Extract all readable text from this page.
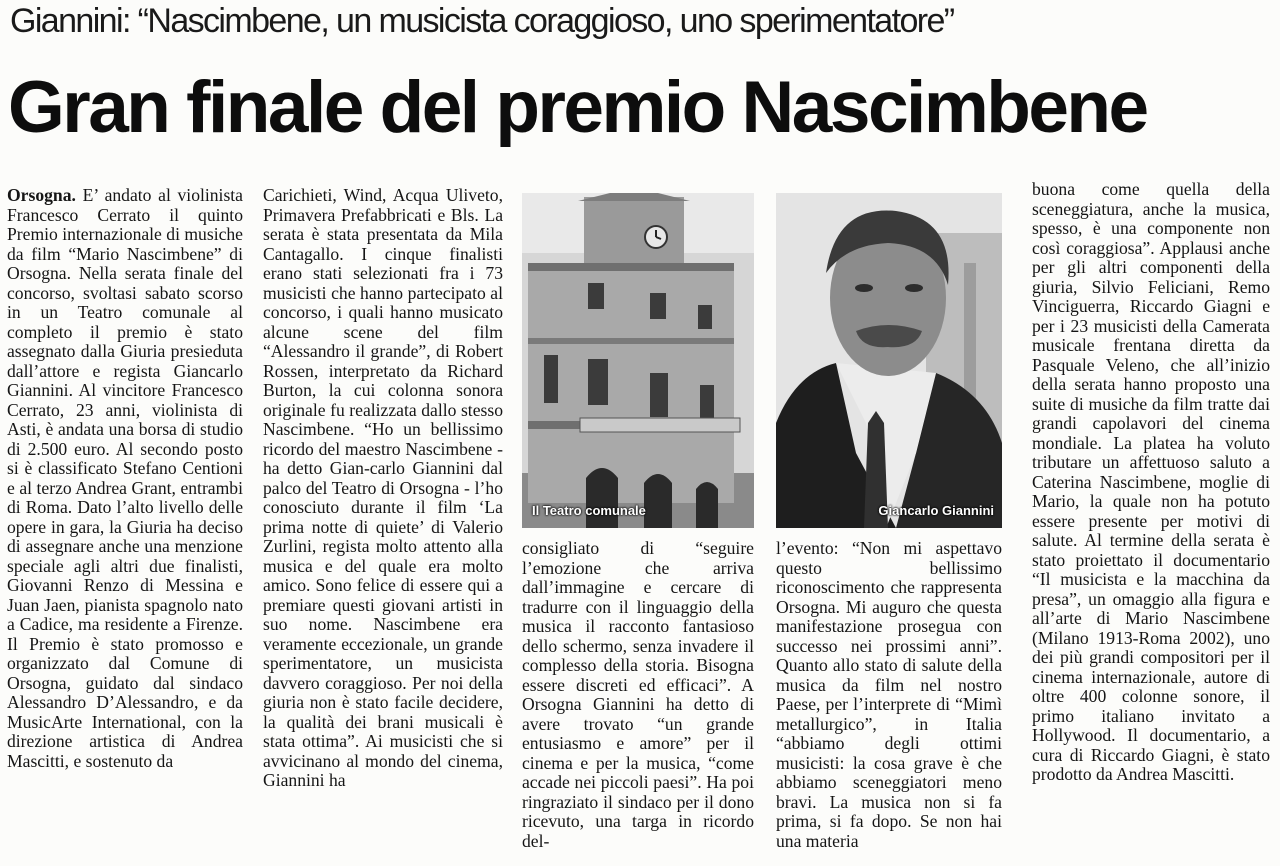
Giannini: “Nascimbene, un musicista coraggioso, uno sperimentatore”
Gran finale del premio Nascimbene

Orsogna. E’ andato al violinista Francesco Cerrato il quinto Premio internazionale di musiche da film “Mario Nascimbene” di Orsogna. Nella serata finale del concorso, svoltasi sabato scorso in un Teatro comunale al completo il premio è stato assegnato dalla Giuria presieduta dall’attore e regista Giancarlo Giannini. Al vincitore Francesco Cerrato, 23 anni, violinista di Asti, è andata una borsa di studio di 2.500 euro. Al secondo posto si è classificato Stefano Centioni e al terzo Andrea Grant, entrambi di Roma. Dato l’alto livello delle opere in gara, la Giuria ha deciso di assegnare anche una menzione speciale agli altri due finalisti, Giovanni Renzo di Messina e Juan Jaen, pianista spagnolo nato a Cadice, ma residente a Firenze. Il Premio è stato promosso e organizzato dal Comune di Orsogna, guidato dal sindaco Alessandro D’Alessandro, e da MusicArte International, con la direzione artistica di Andrea Mascitti, e sostenuto da

Carichieti, Wind, Acqua Uliveto, Primavera Prefabbricati e Bls. La serata è stata presentata da Mila Cantagallo. I cinque finalisti erano stati selezionati fra i 73 musicisti che hanno partecipato al concorso, i quali hanno musicato alcune scene del film “Alessandro il grande”, di Robert Rossen, interpretato da Richard Burton, la cui colonna sonora originale fu realizzata dallo stesso Nascimbene. “Ho un bellissimo ricordo del maestro Nascimbene - ha detto Gian-carlo Giannini dal palco del Teatro di Orsogna - l’ho conosciuto durante il film ‘La prima notte di quiete’ di Valerio Zurlini, regista molto attento alla musica e del quale era molto amico. Sono felice di essere qui a premiare questi giovani artisti in suo nome. Nascimbene era veramente eccezionale, un grande sperimentatore, un musicista davvero coraggioso. Per noi della giuria non è stato facile decidere, la qualità dei brani musicali è stata ottima”. Ai musicisti che si avvicinano al mondo del cinema, Giannini ha

Il Teatro comunale	Giancarlo Giannini

consigliato di “seguire l’emozione che arriva dall’immagine e cercare di tradurre con il linguaggio della musica il racconto fantasioso dello schermo, senza invadere il complesso della storia. Bisogna essere discreti ed efficaci”. A Orsogna Giannini ha detto di avere trovato “un grande entusiasmo e amore” per il cinema e per la musica, “come accade nei piccoli paesi”. Ha poi ringraziato il sindaco per il dono ricevuto, una targa in ricordo del-

l’evento: “Non mi aspettavo questo bellissimo riconoscimento che rappresenta Orsogna. Mi auguro che questa manifestazione prosegua con successo nei prossimi anni”. Quanto allo stato di salute della musica da film nel nostro Paese, per l’interprete di “Mimì metallurgico”, in Italia “abbiamo degli ottimi musicisti: la cosa grave è che abbiamo sceneggiatori meno bravi. La musica non si fa prima, si fa dopo. Se non hai una materia

buona come quella della sceneggiatura, anche la musica, spesso, è una componente non così coraggiosa”. Applausi anche per gli altri componenti della giuria, Silvio Feliciani, Remo Vinciguerra, Riccardo Giagni e per i 23 musicisti della Camerata musicale frentana diretta da Pasquale Veleno, che all’inizio della serata hanno proposto una suite di musiche da film tratte dai grandi capolavori del cinema mondiale. La platea ha voluto tributare un affettuoso saluto a Caterina Nascimbene, moglie di Mario, la quale non ha potuto essere presente per motivi di salute. Al termine della serata è stato proiettato il documentario “Il musicista e la macchina da presa”, un omaggio alla figura e all’arte di Mario Nascimbene (Milano 1913-Roma 2002), uno dei più grandi compositori per il cinema internazionale, autore di oltre 400 colonne sonore, il primo italiano invitato a Hollywood. Il documentario, a cura di Riccardo Giagni, è stato prodotto da Andrea Mascitti.
